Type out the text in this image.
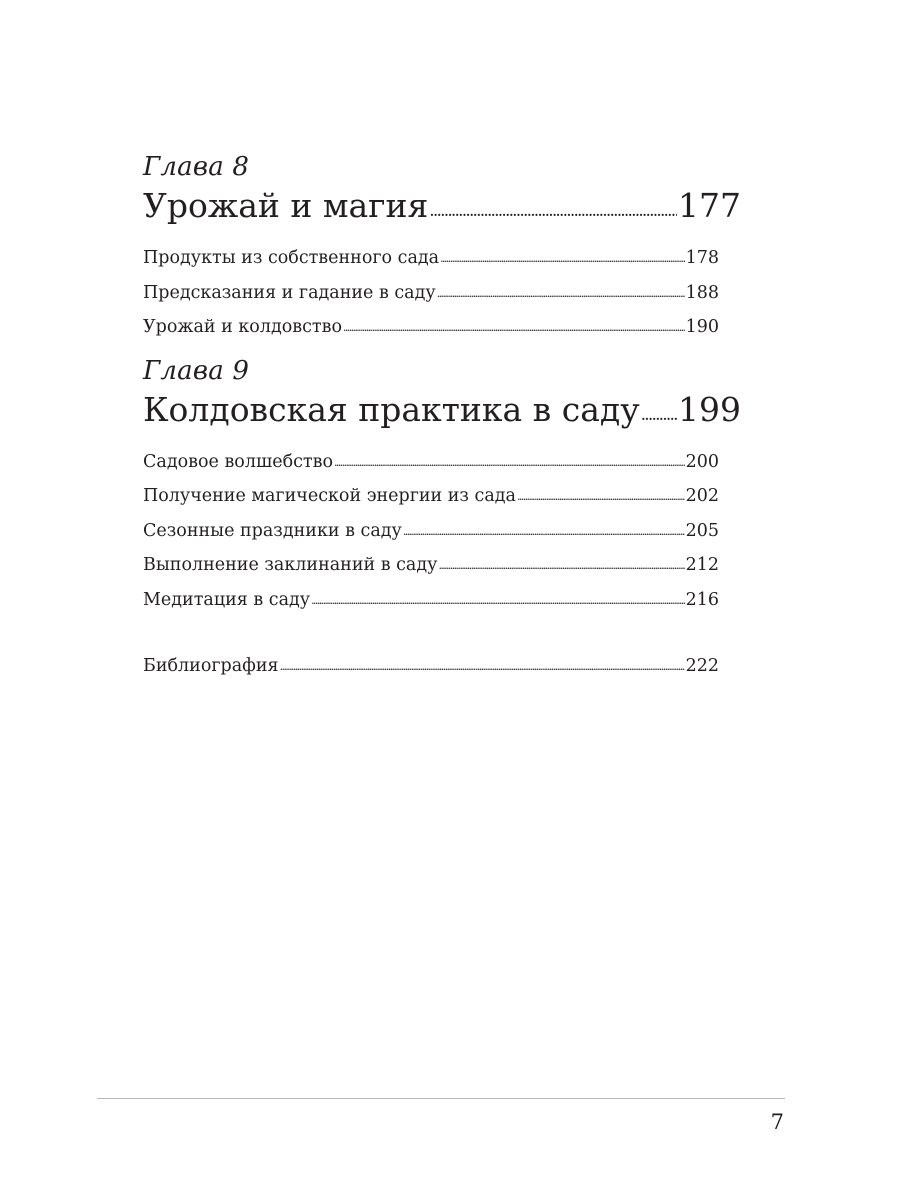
Глава 8
Урожай и магия .....	177
Продукты из собственного сада .....	178
Предсказания и гадание в саду .....	188
Урожай и колдовство .....	190
Глава 9
Колдовская практика в саду ..... 199
Садовое волшебство .....	200
Получение магической энергии из сада .....	202
Сезонные праздники в саду .....	205
Выполнение заклинаний в саду .....	212
Медитация в саду .....	216
Библиография .....	222
7
